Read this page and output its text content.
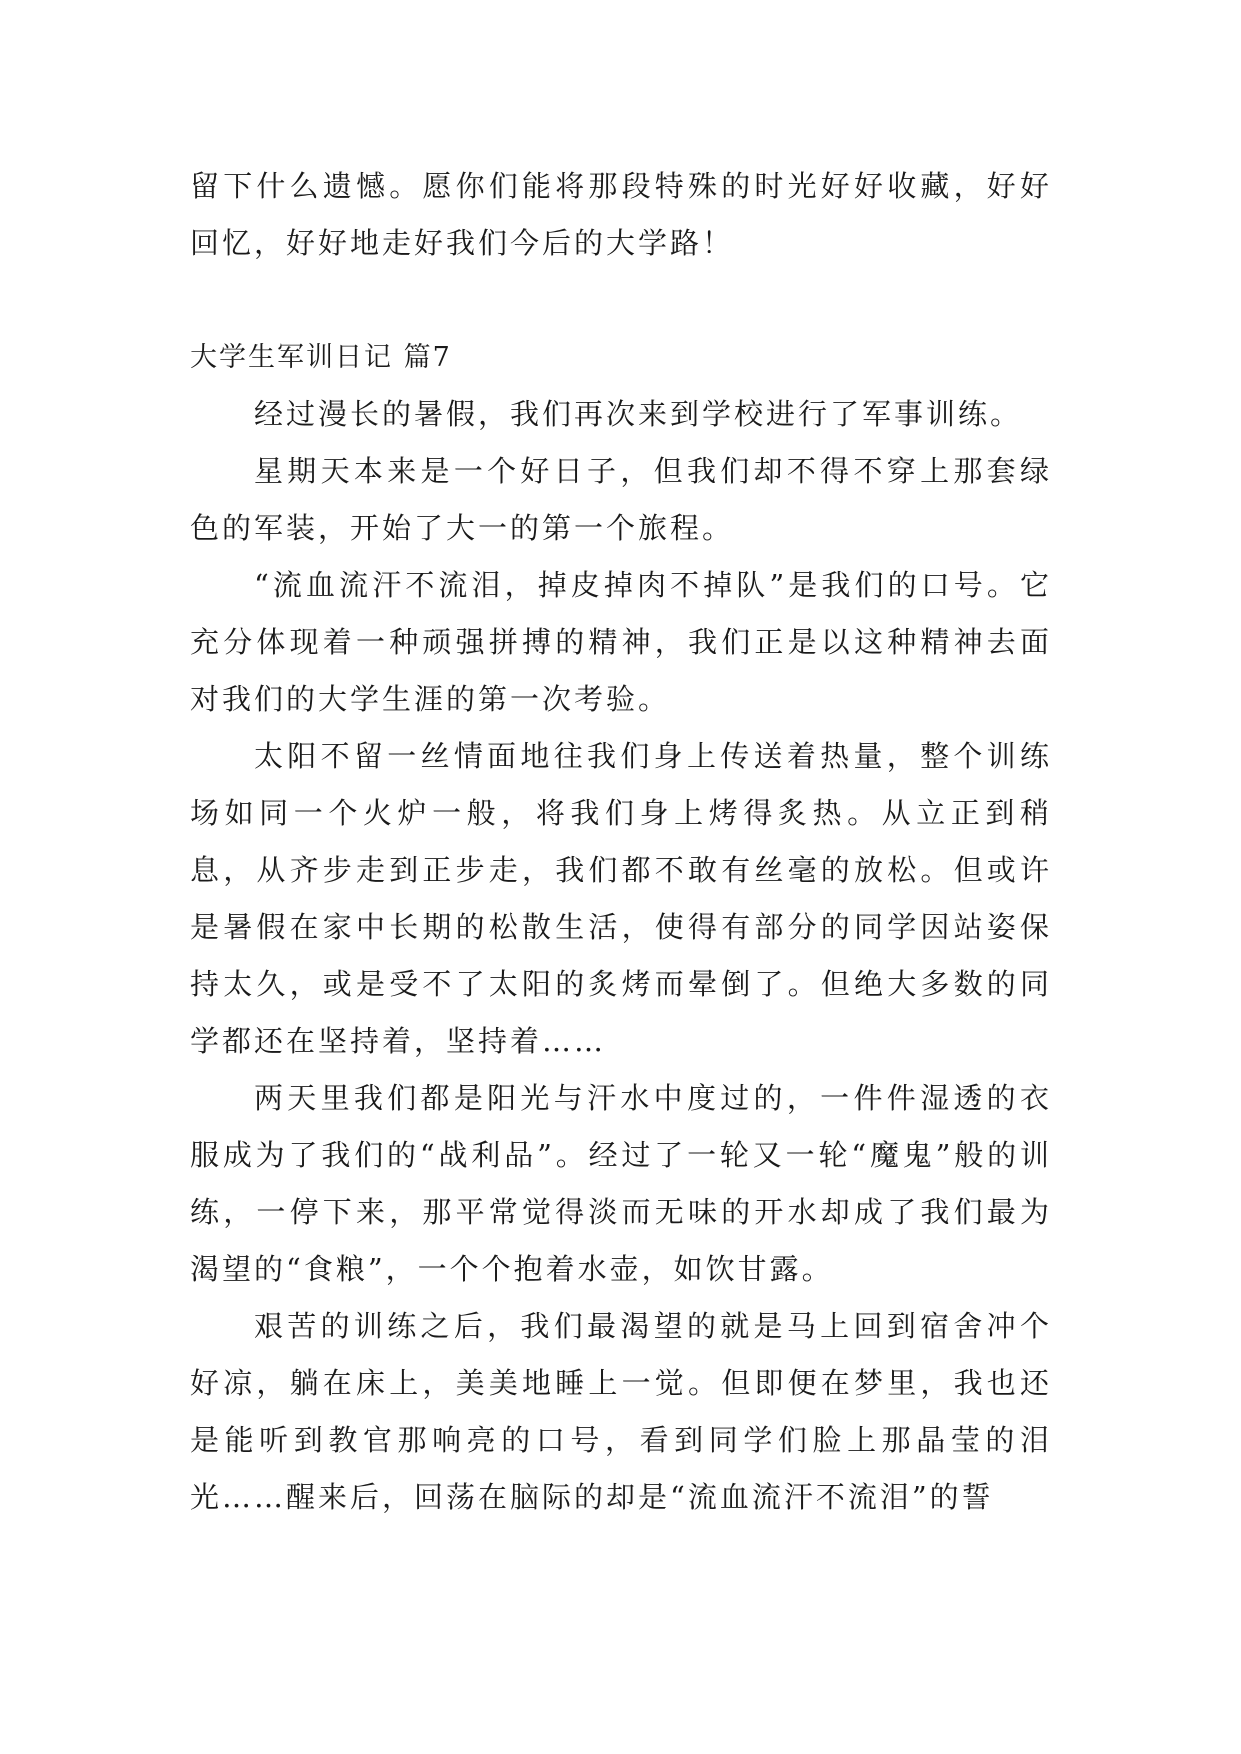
留下什么遗憾。愿你们能将那段特殊的时光好好收藏，好好回忆，好好地走好我们今后的大学路！

大学生军训日记 篇7

经过漫长的暑假，我们再次来到学校进行了军事训练。

星期天本来是一个好日子，但我们却不得不穿上那套绿色的军装，开始了大一的第一个旅程。

“流血流汗不流泪，掉皮掉肉不掉队”是我们的口号。它充分体现着一种顽强拼搏的精神，我们正是以这种精神去面对我们的大学生涯的第一次考验。

太阳不留一丝情面地往我们身上传送着热量，整个训练场如同一个火炉一般，将我们身上烤得炙热。从立正到稍息，从齐步走到正步走，我们都不敢有丝毫的放松。但或许是暑假在家中长期的松散生活，使得有部分的同学因站姿保持太久，或是受不了太阳的炙烤而晕倒了。但绝大多数的同学都还在坚持着，坚持着……

两天里我们都是阳光与汗水中度过的，一件件湿透的衣服成为了我们的“战利品”。经过了一轮又一轮“魔鬼”般的训练，一停下来，那平常觉得淡而无味的开水却成了我们最为渴望的“食粮”，一个个抱着水壶，如饮甘露。

艰苦的训练之后，我们最渴望的就是马上回到宿舍冲个好凉，躺在床上，美美地睡上一觉。但即便在梦里，我也还是能听到教官那响亮的口号，看到同学们脸上那晶莹的泪光……醒来后，回荡在脑际的却是“流血流汗不流泪”的誓
